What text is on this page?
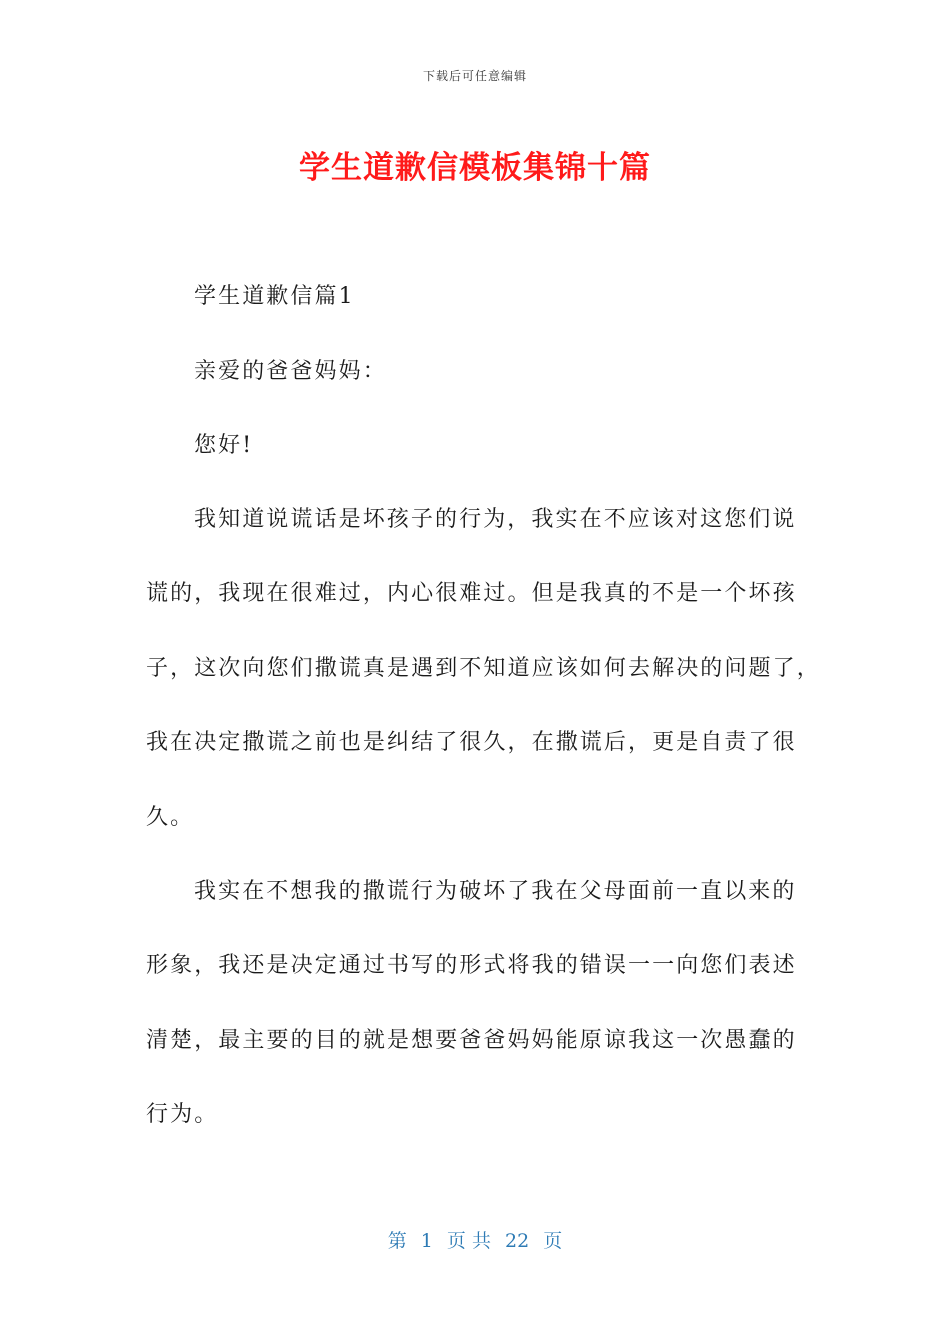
下载后可任意编辑
学生道歉信模板集锦十篇
学生道歉信篇1
亲爱的爸爸妈妈：
您好!
我知道说谎话是坏孩子的行为，我实在不应该对这您们说
谎的，我现在很难过，内心很难过。但是我真的不是一个坏孩
子，这次向您们撒谎真是遇到不知道应该如何去解决的问题了，
我在决定撒谎之前也是纠结了很久，在撒谎后，更是自责了很
久。
我实在不想我的撒谎行为破坏了我在父母面前一直以来的
形象，我还是决定通过书写的形式将我的错误一一向您们表述
清楚，最主要的目的就是想要爸爸妈妈能原谅我这一次愚蠢的
行为。
第 1 页 共 22 页
